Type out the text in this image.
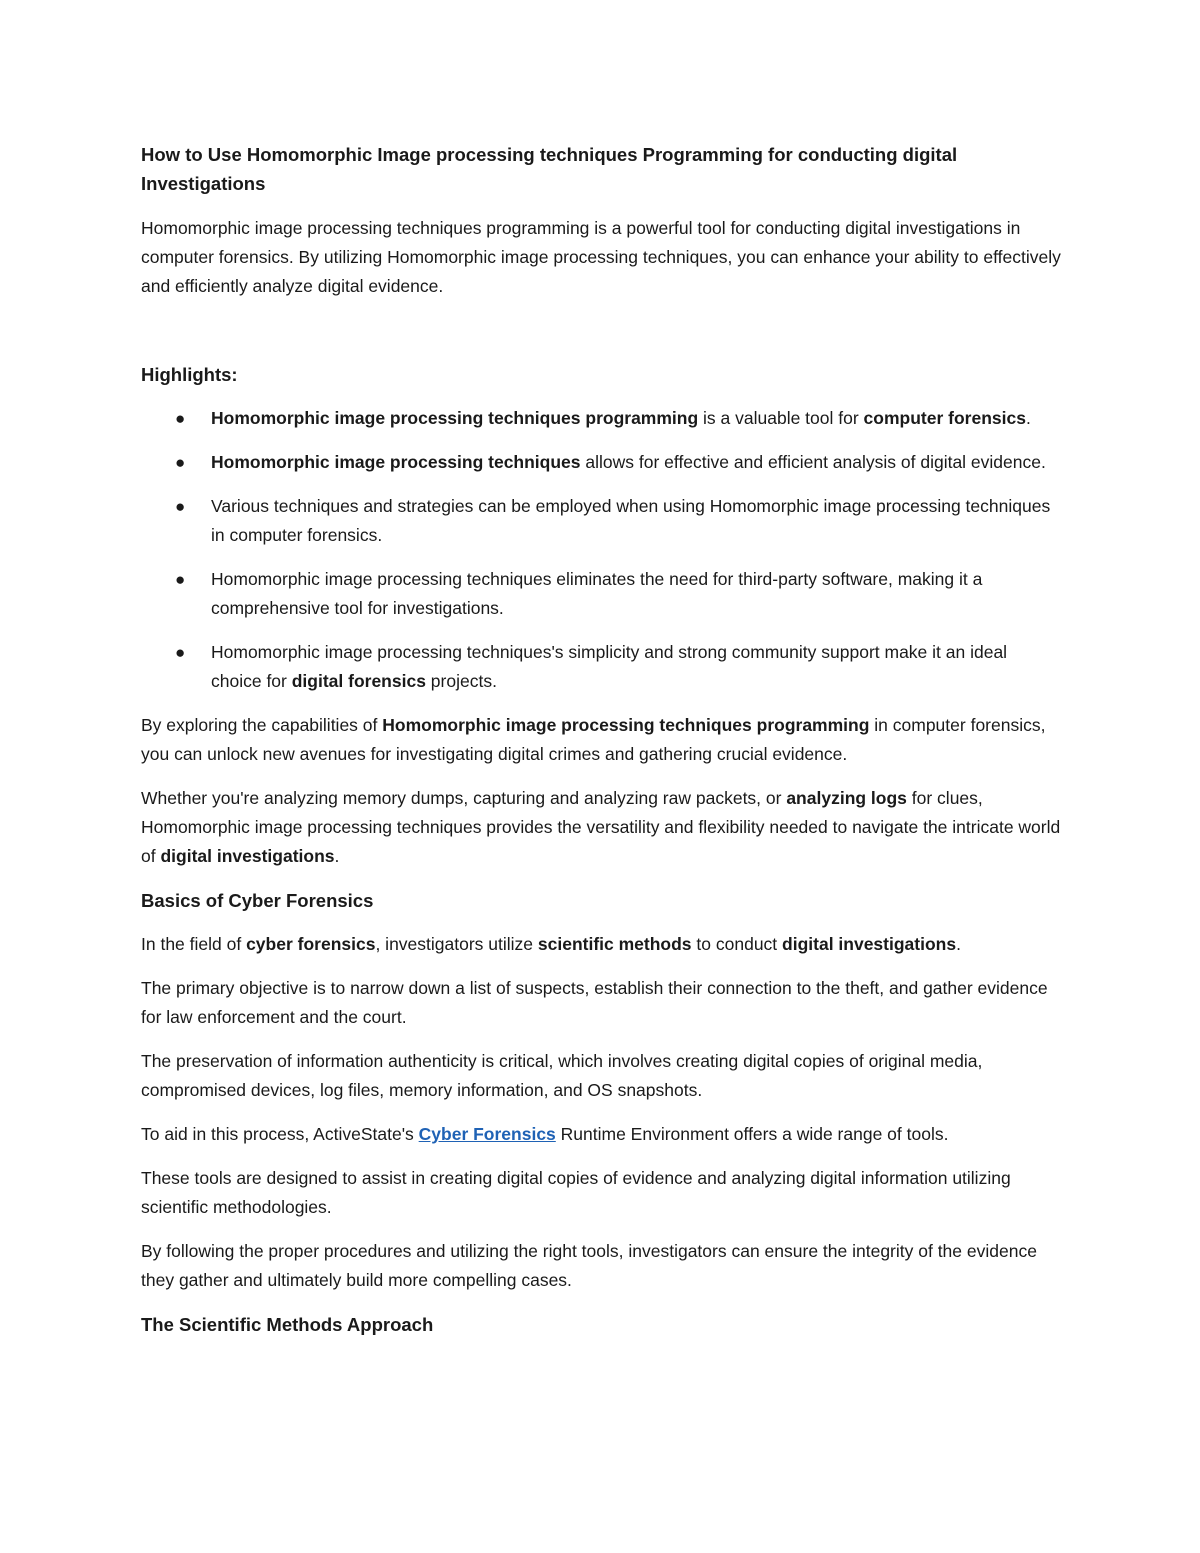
How to Use Homomorphic Image processing techniques Programming for conducting digital Investigations

Homomorphic image processing techniques programming is a powerful tool for conducting digital investigations in computer forensics. By utilizing Homomorphic image processing techniques, you can enhance your ability to effectively and efficiently analyze digital evidence.

Highlights:
● Homomorphic image processing techniques programming is a valuable tool for computer forensics.
● Homomorphic image processing techniques allows for effective and efficient analysis of digital evidence.
● Various techniques and strategies can be employed when using Homomorphic image processing techniques in computer forensics.
● Homomorphic image processing techniques eliminates the need for third-party software, making it a comprehensive tool for investigations.
● Homomorphic image processing techniques's simplicity and strong community support make it an ideal choice for digital forensics projects.

By exploring the capabilities of Homomorphic image processing techniques programming in computer forensics, you can unlock new avenues for investigating digital crimes and gathering crucial evidence.

Whether you're analyzing memory dumps, capturing and analyzing raw packets, or analyzing logs for clues, Homomorphic image processing techniques provides the versatility and flexibility needed to navigate the intricate world of digital investigations.

Basics of Cyber Forensics

In the field of cyber forensics, investigators utilize scientific methods to conduct digital investigations.

The primary objective is to narrow down a list of suspects, establish their connection to the theft, and gather evidence for law enforcement and the court.

The preservation of information authenticity is critical, which involves creating digital copies of original media, compromised devices, log files, memory information, and OS snapshots.

To aid in this process, ActiveState's Cyber Forensics Runtime Environment offers a wide range of tools.

These tools are designed to assist in creating digital copies of evidence and analyzing digital information utilizing scientific methodologies.

By following the proper procedures and utilizing the right tools, investigators can ensure the integrity of the evidence they gather and ultimately build more compelling cases.

The Scientific Methods Approach
